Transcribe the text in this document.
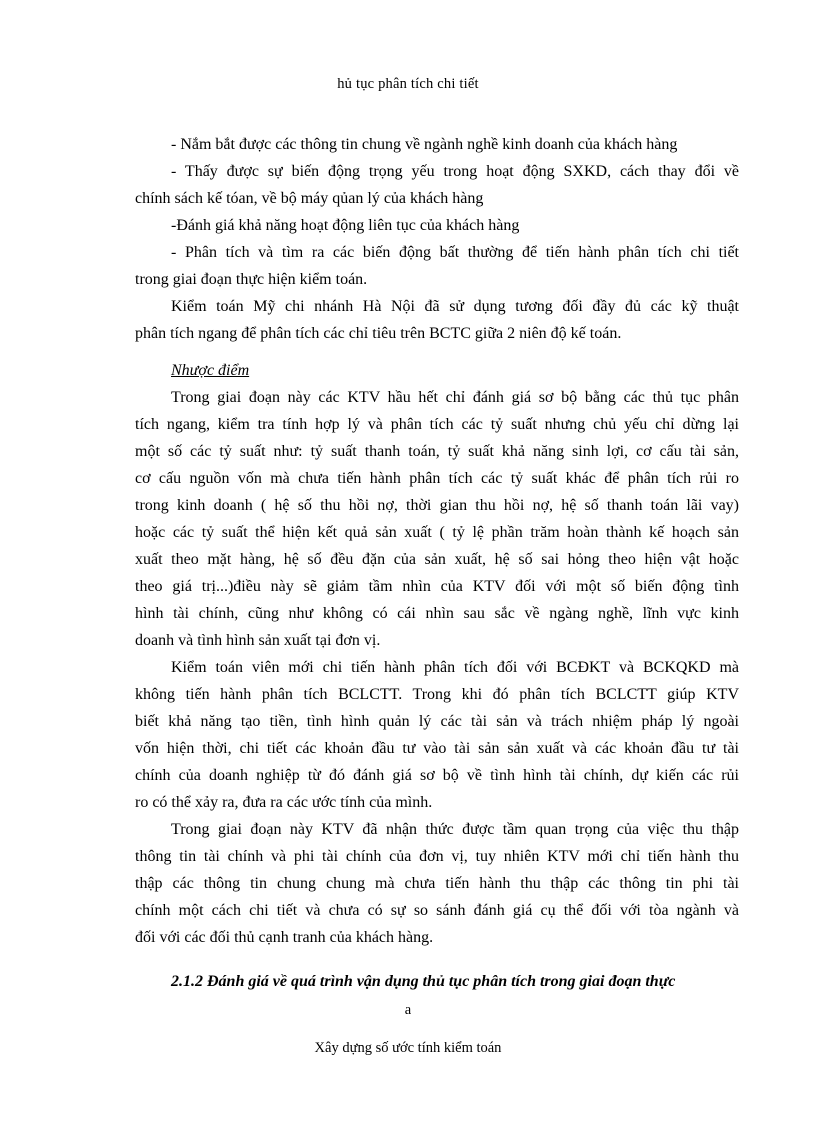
hủ tục phân tích chi tiết
- Nắm bắt được các thông tin chung về ngành nghề kinh doanh của khách hàng
- Thấy được sự biến động trọng yếu trong hoạt động SXKD, cách thay đổi về
chính sách kế tóan, về bộ máy qủan lý của khách hàng
-Đánh giá khả năng hoạt động liên tục của khách hàng
- Phân tích và tìm ra các biến động bất thường để tiến hành phân tích chi tiết
trong giai đoạn thực hiện kiểm toán.
Kiểm toán Mỹ chi nhánh Hà Nội đã sử dụng tương đối đầy đủ các kỹ thuật
phân tích ngang để phân tích các chỉ tiêu trên BCTC giữa 2 niên độ kế toán.
Nhược điểm
Trong giai đoạn này các KTV hầu hết chỉ đánh giá sơ bộ bằng các thủ tục phân
tích ngang, kiểm tra tính hợp lý và phân tích các tỷ suất nhưng chủ yếu chỉ dừng lại
một số các tỷ suất như: tỷ suất thanh toán, tỷ suất khả năng sinh lợi, cơ cấu tài sản,
cơ cấu nguồn vốn mà chưa tiến hành phân tích các tỷ suất khác để phân tích rủi ro
trong kinh doanh ( hệ số thu hồi nợ, thời gian thu hồi nợ, hệ số thanh toán lãi vay)
hoặc các tỷ suất thể hiện kết quả sản xuất ( tỷ lệ phần trăm hoàn thành kế hoạch sản
xuất theo mặt hàng, hệ số đều đặn của sản xuất, hệ số sai hỏng theo hiện vật hoặc
theo giá trị...)điều này sẽ giảm tầm nhìn của KTV đối với một số biến động tình
hình tài chính, cũng như không có cái nhìn sau sắc về ngàng nghề, lĩnh vực kinh
doanh và tình hình sản xuất tại đơn vị.
Kiểm toán viên mới chi tiến hành phân tích đối với BCĐKT và BCKQKD mà
không tiến hành phân tích BCLCTT. Trong khi đó phân tích BCLCTT giúp KTV
biết khả năng tạo tiền, tình hình quản lý các tài sản và trách nhiệm pháp lý ngoài
vốn hiện thời, chi tiết các khoản đầu tư vào tài sản sản xuất và các khoản đầu tư tài
chính của doanh nghiệp từ đó đánh giá sơ bộ về tình hình tài chính, dự kiến các rủi
ro có thể xảy ra, đưa ra các ước tính của mình.
Trong giai đoạn này KTV đã nhận thức được tầm quan trọng của việc thu thập
thông tin tài chính và phi tài chính của đơn vị, tuy nhiên KTV mới chỉ tiến hành thu
thập các thông tin chung chung mà chưa tiến hành thu thập các thông tin phi tài
chính một cách chi tiết và chưa có sự so sánh đánh giá cụ thể đối với tòa ngành và
đối với các đối thủ cạnh tranh của khách hàng.
2.1.2 Đánh giá về quá trình vận dụng thủ tục phân tích trong giai đoạn thực
a
Xây dựng số ước tính kiểm toán
